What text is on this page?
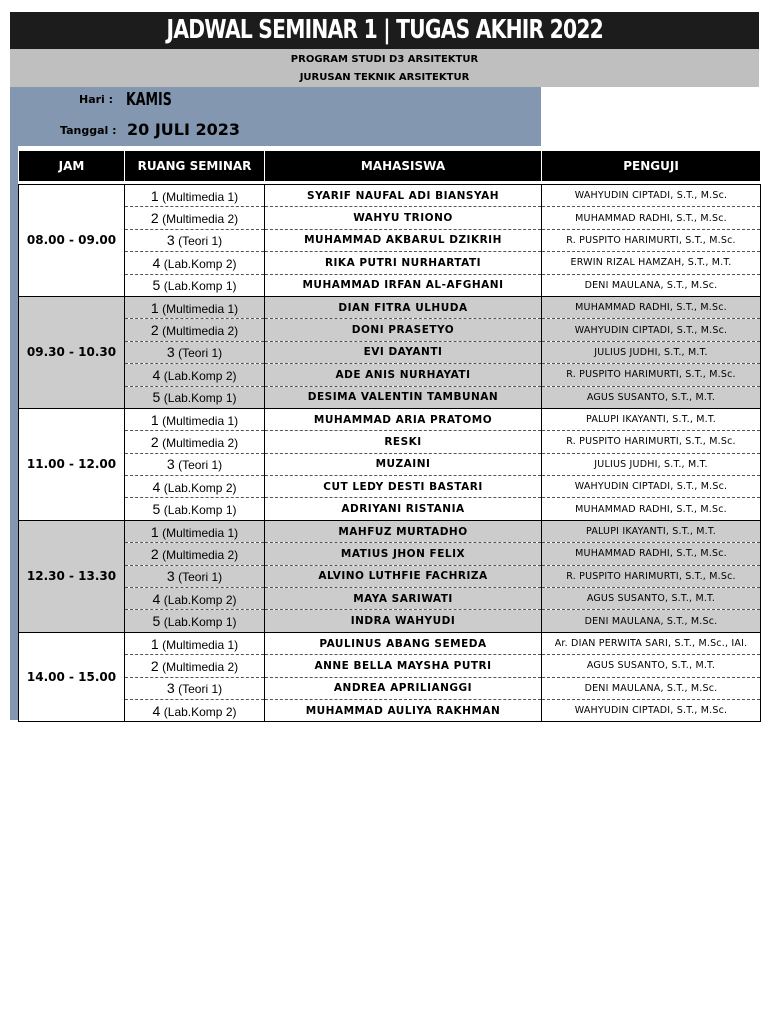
JADWAL SEMINAR 1 | TUGAS AKHIR 2022
PROGRAM STUDI D3 ARSITEKTUR
JURUSAN TEKNIK ARSITEKTUR
Hari : KAMIS
Tanggal : 20 JULI 2023
JAM	RUANG SEMINAR	MAHASISWA	PENGUJI

08.00 - 09.00	1 (Multimedia 1)	SYARIF NAUFAL ADI BIANSYAH	WAHYUDIN CIPTADI, S.T., M.Sc.
	2 (Multimedia 2)	WAHYU TRIONO	MUHAMMAD RADHI, S.T., M.Sc.
	3 (Teori 1)	MUHAMMAD AKBARUL DZIKRIH	R. PUSPITO HARIMURTI, S.T., M.Sc.
	4 (Lab.Komp 2)	RIKA PUTRI NURHARTATI	ERWIN RIZAL HAMZAH, S.T., M.T.
	5 (Lab.Komp 1)	MUHAMMAD IRFAN AL-AFGHANI	DENI MAULANA, S.T., M.Sc.
09.30 - 10.30	1 (Multimedia 1)	DIAN FITRA ULHUDA	MUHAMMAD RADHI, S.T., M.Sc.
	2 (Multimedia 2)	DONI PRASETYO	WAHYUDIN CIPTADI, S.T., M.Sc.
	3 (Teori 1)	EVI DAYANTI	JULIUS JUDHI, S.T., M.T.
	4 (Lab.Komp 2)	ADE ANIS NURHAYATI	R. PUSPITO HARIMURTI, S.T., M.Sc.
	5 (Lab.Komp 1)	DESIMA VALENTIN TAMBUNAN	AGUS SUSANTO, S.T., M.T.
11.00 - 12.00	1 (Multimedia 1)	MUHAMMAD ARIA PRATOMO	PALUPI IKAYANTI, S.T., M.T.
	2 (Multimedia 2)	RESKI	R. PUSPITO HARIMURTI, S.T., M.Sc.
	3 (Teori 1)	MUZAINI	JULIUS JUDHI, S.T., M.T.
	4 (Lab.Komp 2)	CUT LEDY DESTI BASTARI	WAHYUDIN CIPTADI, S.T., M.Sc.
	5 (Lab.Komp 1)	ADRIYANI RISTANIA	MUHAMMAD RADHI, S.T., M.Sc.
12.30 - 13.30	1 (Multimedia 1)	MAHFUZ MURTADHO	PALUPI IKAYANTI, S.T., M.T.
	2 (Multimedia 2)	MATIUS JHON FELIX	MUHAMMAD RADHI, S.T., M.Sc.
	3 (Teori 1)	ALVINO LUTHFIE FACHRIZA	R. PUSPITO HARIMURTI, S.T., M.Sc.
	4 (Lab.Komp 2)	MAYA SARIWATI	AGUS SUSANTO, S.T., M.T.
	5 (Lab.Komp 1)	INDRA WAHYUDI	DENI MAULANA, S.T., M.Sc.
14.00 - 15.00	1 (Multimedia 1)	PAULINUS ABANG SEMEDA	Ar. DIAN PERWITA SARI, S.T., M.Sc., IAI.
	2 (Multimedia 2)	ANNE BELLA MAYSHA PUTRI	AGUS SUSANTO, S.T., M.T.
	3 (Teori 1)	ANDREA APRILIANGGI	DENI MAULANA, S.T., M.Sc.
	4 (Lab.Komp 2)	MUHAMMAD AULIYA RAKHMAN	WAHYUDIN CIPTADI, S.T., M.Sc.
